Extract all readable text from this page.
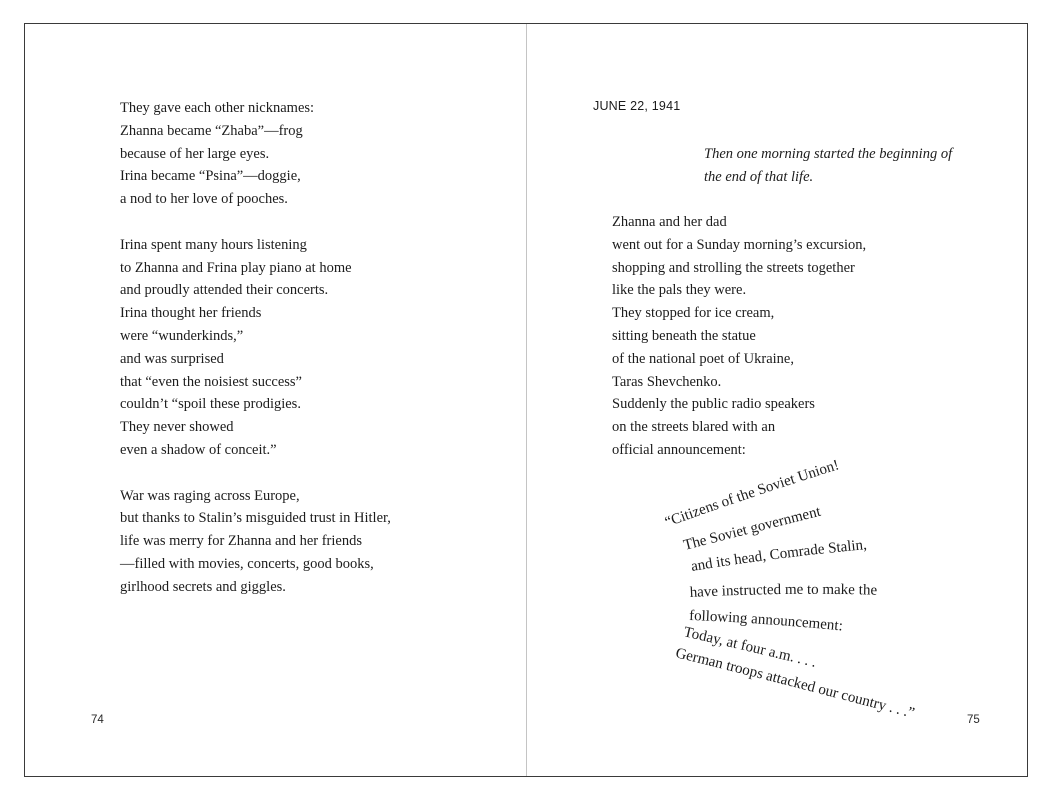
They gave each other nicknames:
Zhanna became “Zhaba”—frog
because of her large eyes.
Irina became “Psina”—doggie,
a nod to her love of pooches.
Irina spent many hours listening
to Zhanna and Frina play piano at home
and proudly attended their concerts.
Irina thought her friends
were “wunderkinds,”
and was surprised
that “even the noisiest success”
couldn’t “spoil these prodigies.
They never showed
even a shadow of conceit.”
War was raging across Europe,
but thanks to Stalin’s misguided trust in Hitler,
life was merry for Zhanna and her friends
—filled with movies, concerts, good books,
girlhood secrets and giggles.
74
JUNE 22, 1941
Then one morning started the beginning of
the end of that life.
Zhanna and her dad
went out for a Sunday morning’s excursion,
shopping and strolling the streets together
like the pals they were.
They stopped for ice cream,
sitting beneath the statue
of the national poet of Ukraine,
Taras Shevchenko.
Suddenly the public radio speakers
on the streets blared with an
official announcement:
“Citizens of the Soviet Union!
The Soviet government
and its head, Comrade Stalin,
have instructed me to make the
following announcement:
Today, at four a.m. . . .
German troops attacked our country . . .”	75
